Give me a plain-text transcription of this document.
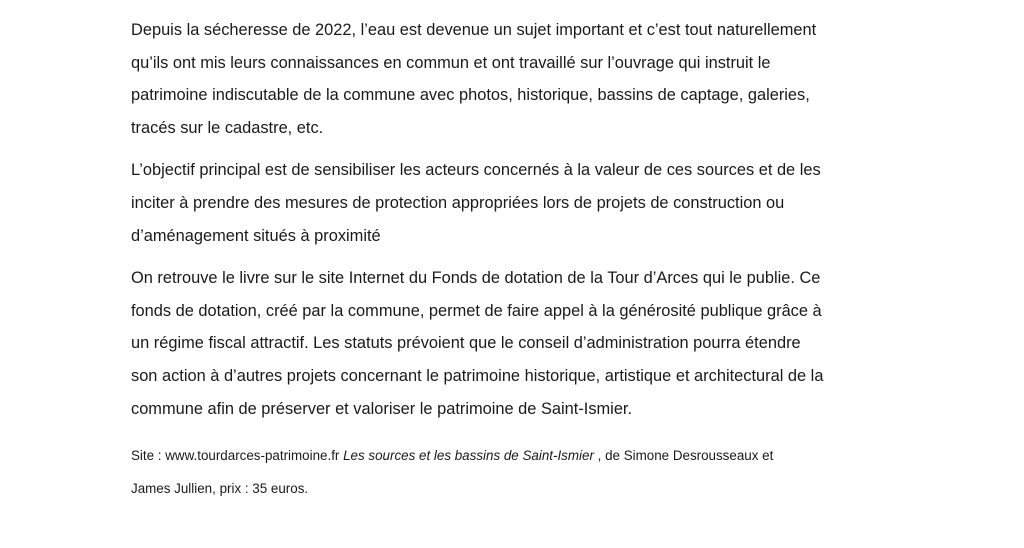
Depuis la sécheresse de 2022, l’eau est devenue un sujet important et c’est tout naturellement
qu’ils ont mis leurs connaissances en commun et ont travaillé sur l’ouvrage qui instruit le
patrimoine indiscutable de la commune avec photos, historique, bassins de captage, galeries,
tracés sur le cadastre, etc.

L’objectif principal est de sensibiliser les acteurs concernés à la valeur de ces sources et de les
inciter à prendre des mesures de protection appropriées lors de projets de construction ou
d’aménagement situés à proximité

On retrouve le livre sur le site Internet du Fonds de dotation de la Tour d’Arces qui le publie. Ce
fonds de dotation, créé par la commune, permet de faire appel à la générosité publique grâce à
un régime fiscal attractif. Les statuts prévoient que le conseil d’administration pourra étendre
son action à d’autres projets concernant le patrimoine historique, artistique et architectural de la
commune afin de préserver et valoriser le patrimoine de Saint-Ismier.

Site : www.tourdarces-patrimoine.fr Les sources et les bassins de Saint-Ismier , de Simone Desrousseaux et
James Jullien, prix : 35 euros.
